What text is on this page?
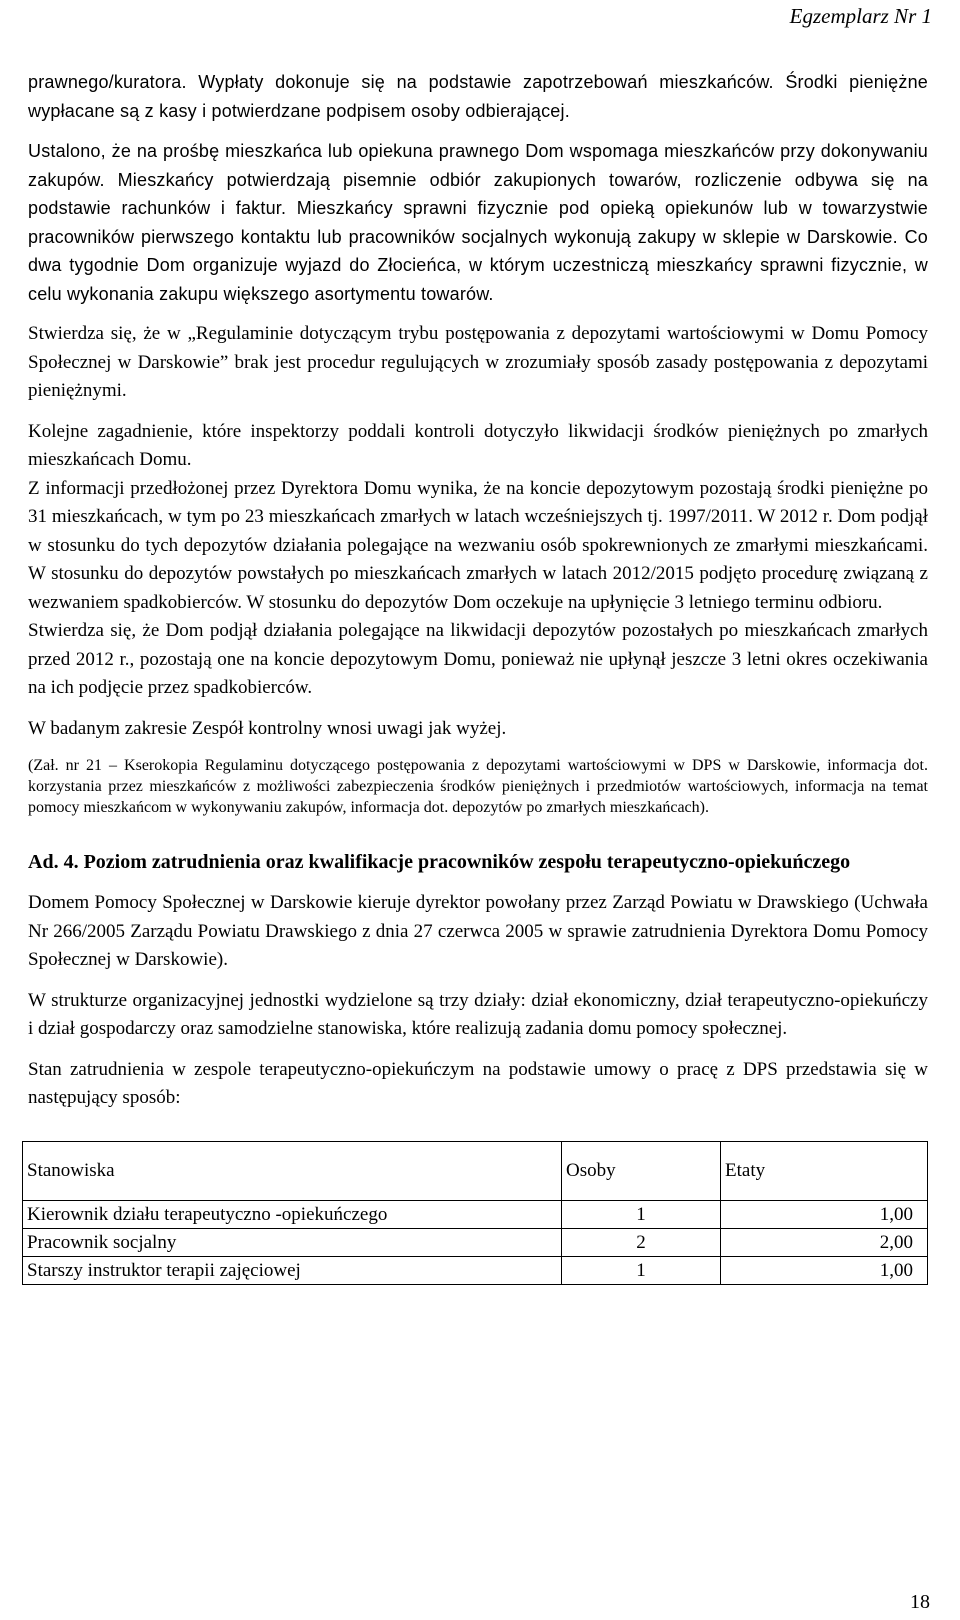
Egzemplarz Nr 1

prawnego/kuratora. Wypłaty dokonuje się na podstawie zapotrzebowań mieszkańców. Środki pieniężne wypłacane są z kasy i potwierdzane podpisem osoby odbierającej.

Ustalono, że na prośbę mieszkańca lub opiekuna prawnego Dom wspomaga mieszkańców przy dokonywaniu zakupów. Mieszkańcy potwierdzają pisemnie odbiór zakupionych towarów, rozliczenie odbywa się na podstawie rachunków i faktur. Mieszkańcy sprawni fizycznie pod opieką opiekunów lub w towarzystwie pracowników pierwszego kontaktu lub pracowników socjalnych wykonują zakupy w sklepie w Darskowie. Co dwa tygodnie Dom organizuje wyjazd do Złocieńca, w którym uczestniczą mieszkańcy sprawni fizycznie, w celu wykonania zakupu większego asortymentu towarów.

Stwierdza się, że w „Regulaminie dotyczącym trybu postępowania z depozytami wartościowymi w Domu Pomocy Społecznej w Darskowie” brak jest procedur regulujących w zrozumiały sposób zasady postępowania z depozytami pieniężnymi.

Kolejne zagadnienie, które inspektorzy poddali kontroli dotyczyło likwidacji środków pieniężnych po zmarłych mieszkańcach Domu.

Z informacji przedłożonej przez Dyrektora Domu wynika, że na koncie depozytowym pozostają środki pieniężne po 31 mieszkańcach, w tym po 23 mieszkańcach zmarłych w latach wcześniejszych tj. 1997/2011. W 2012 r. Dom podjął w stosunku do tych depozytów działania polegające na wezwaniu osób spokrewnionych ze zmarłymi mieszkańcami. W stosunku do depozytów powstałych po mieszkańcach zmarłych w latach 2012/2015 podjęto procedurę związaną z wezwaniem spadkobierców. W stosunku do depozytów Dom oczekuje na upłynięcie 3 letniego terminu odbioru.

Stwierdza się, że Dom podjął działania polegające na likwidacji depozytów pozostałych po mieszkańcach zmarłych przed 2012 r., pozostają one na koncie depozytowym Domu, ponieważ nie upłynął jeszcze 3 letni okres oczekiwania na ich podjęcie przez spadkobierców.

W badanym zakresie Zespół kontrolny wnosi uwagi jak wyżej.

(Zał. nr 21 – Kserokopia Regulaminu dotyczącego postępowania z depozytami wartościowymi w DPS w Darskowie, informacja dot. korzystania przez mieszkańców z możliwości zabezpieczenia środków pieniężnych i przedmiotów wartościowych, informacja na temat pomocy mieszkańcom w wykonywaniu zakupów, informacja dot. depozytów po zmarłych mieszkańcach).

Ad. 4. Poziom zatrudnienia oraz kwalifikacje pracowników zespołu terapeutyczno-opiekuńczego

Domem Pomocy Społecznej w Darskowie kieruje dyrektor powołany przez Zarząd Powiatu w Drawskiego (Uchwała Nr 266/2005 Zarządu Powiatu Drawskiego z dnia 27 czerwca 2005 w sprawie zatrudnienia Dyrektora Domu Pomocy Społecznej w Darskowie).

W strukturze organizacyjnej jednostki wydzielone są trzy działy: dział ekonomiczny, dział terapeutyczno-opiekuńczy i dział gospodarczy oraz samodzielne stanowiska, które realizują zadania domu pomocy społecznej.

Stan zatrudnienia w zespole terapeutyczno-opiekuńczym na podstawie umowy o pracę z DPS przedstawia się w następujący sposób:

Stanowiska	Osoby	Etaty
Kierownik działu terapeutyczno -opiekuńczego	1	1,00
Pracownik socjalny	2	2,00
Starszy instruktor terapii zajęciowej	1	1,00
18
